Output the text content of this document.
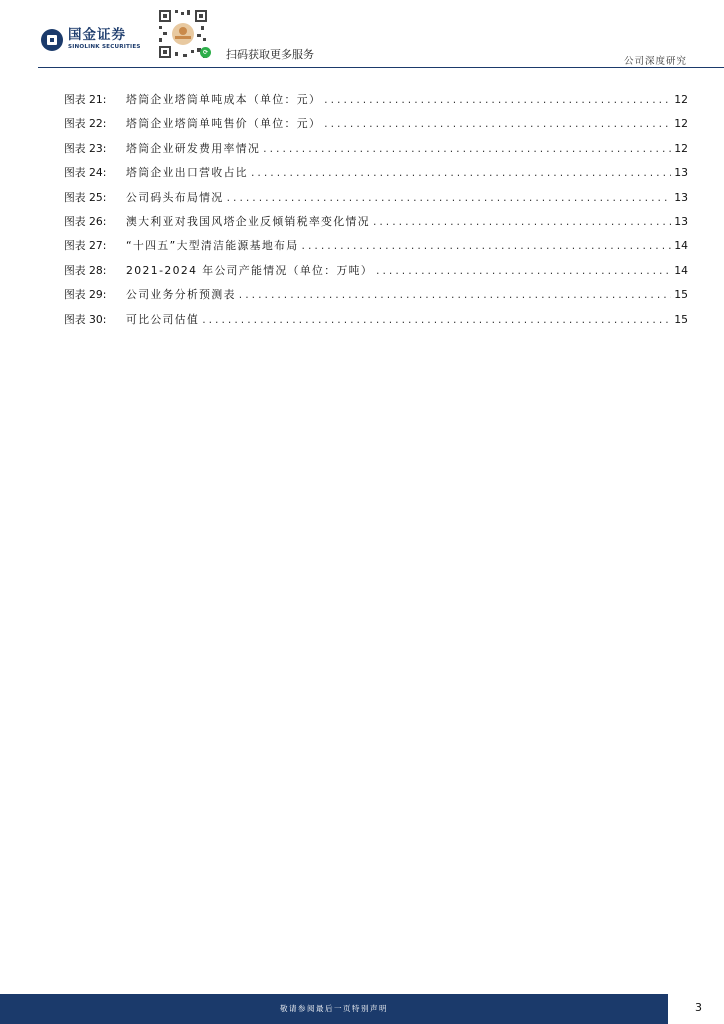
国金证券
SINOLINK SECURITIES
⟳ 扫码获取更多服务
公司深度研究
图表 21:	塔筒企业塔筒单吨成本（单位：元） .....	12
图表 22:	塔筒企业塔筒单吨售价（单位：元） .....	12
图表 23:	塔筒企业研发费用率情况 .....	12
图表 24:	塔筒企业出口营收占比 .....	13
图表 25:	公司码头布局情况 .....	13
图表 26:	澳大利亚对我国风塔企业反倾销税率变化情况 .....	13
图表 27:	“十四五”大型清洁能源基地布局 .....	14
图表 28:	2021-2024 年公司产能情况（单位：万吨） .....	14
图表 29:	公司业务分析预测表 .....	15
图表 30:	可比公司估值 .....	15
敬请参阅最后一页特别声明	3
